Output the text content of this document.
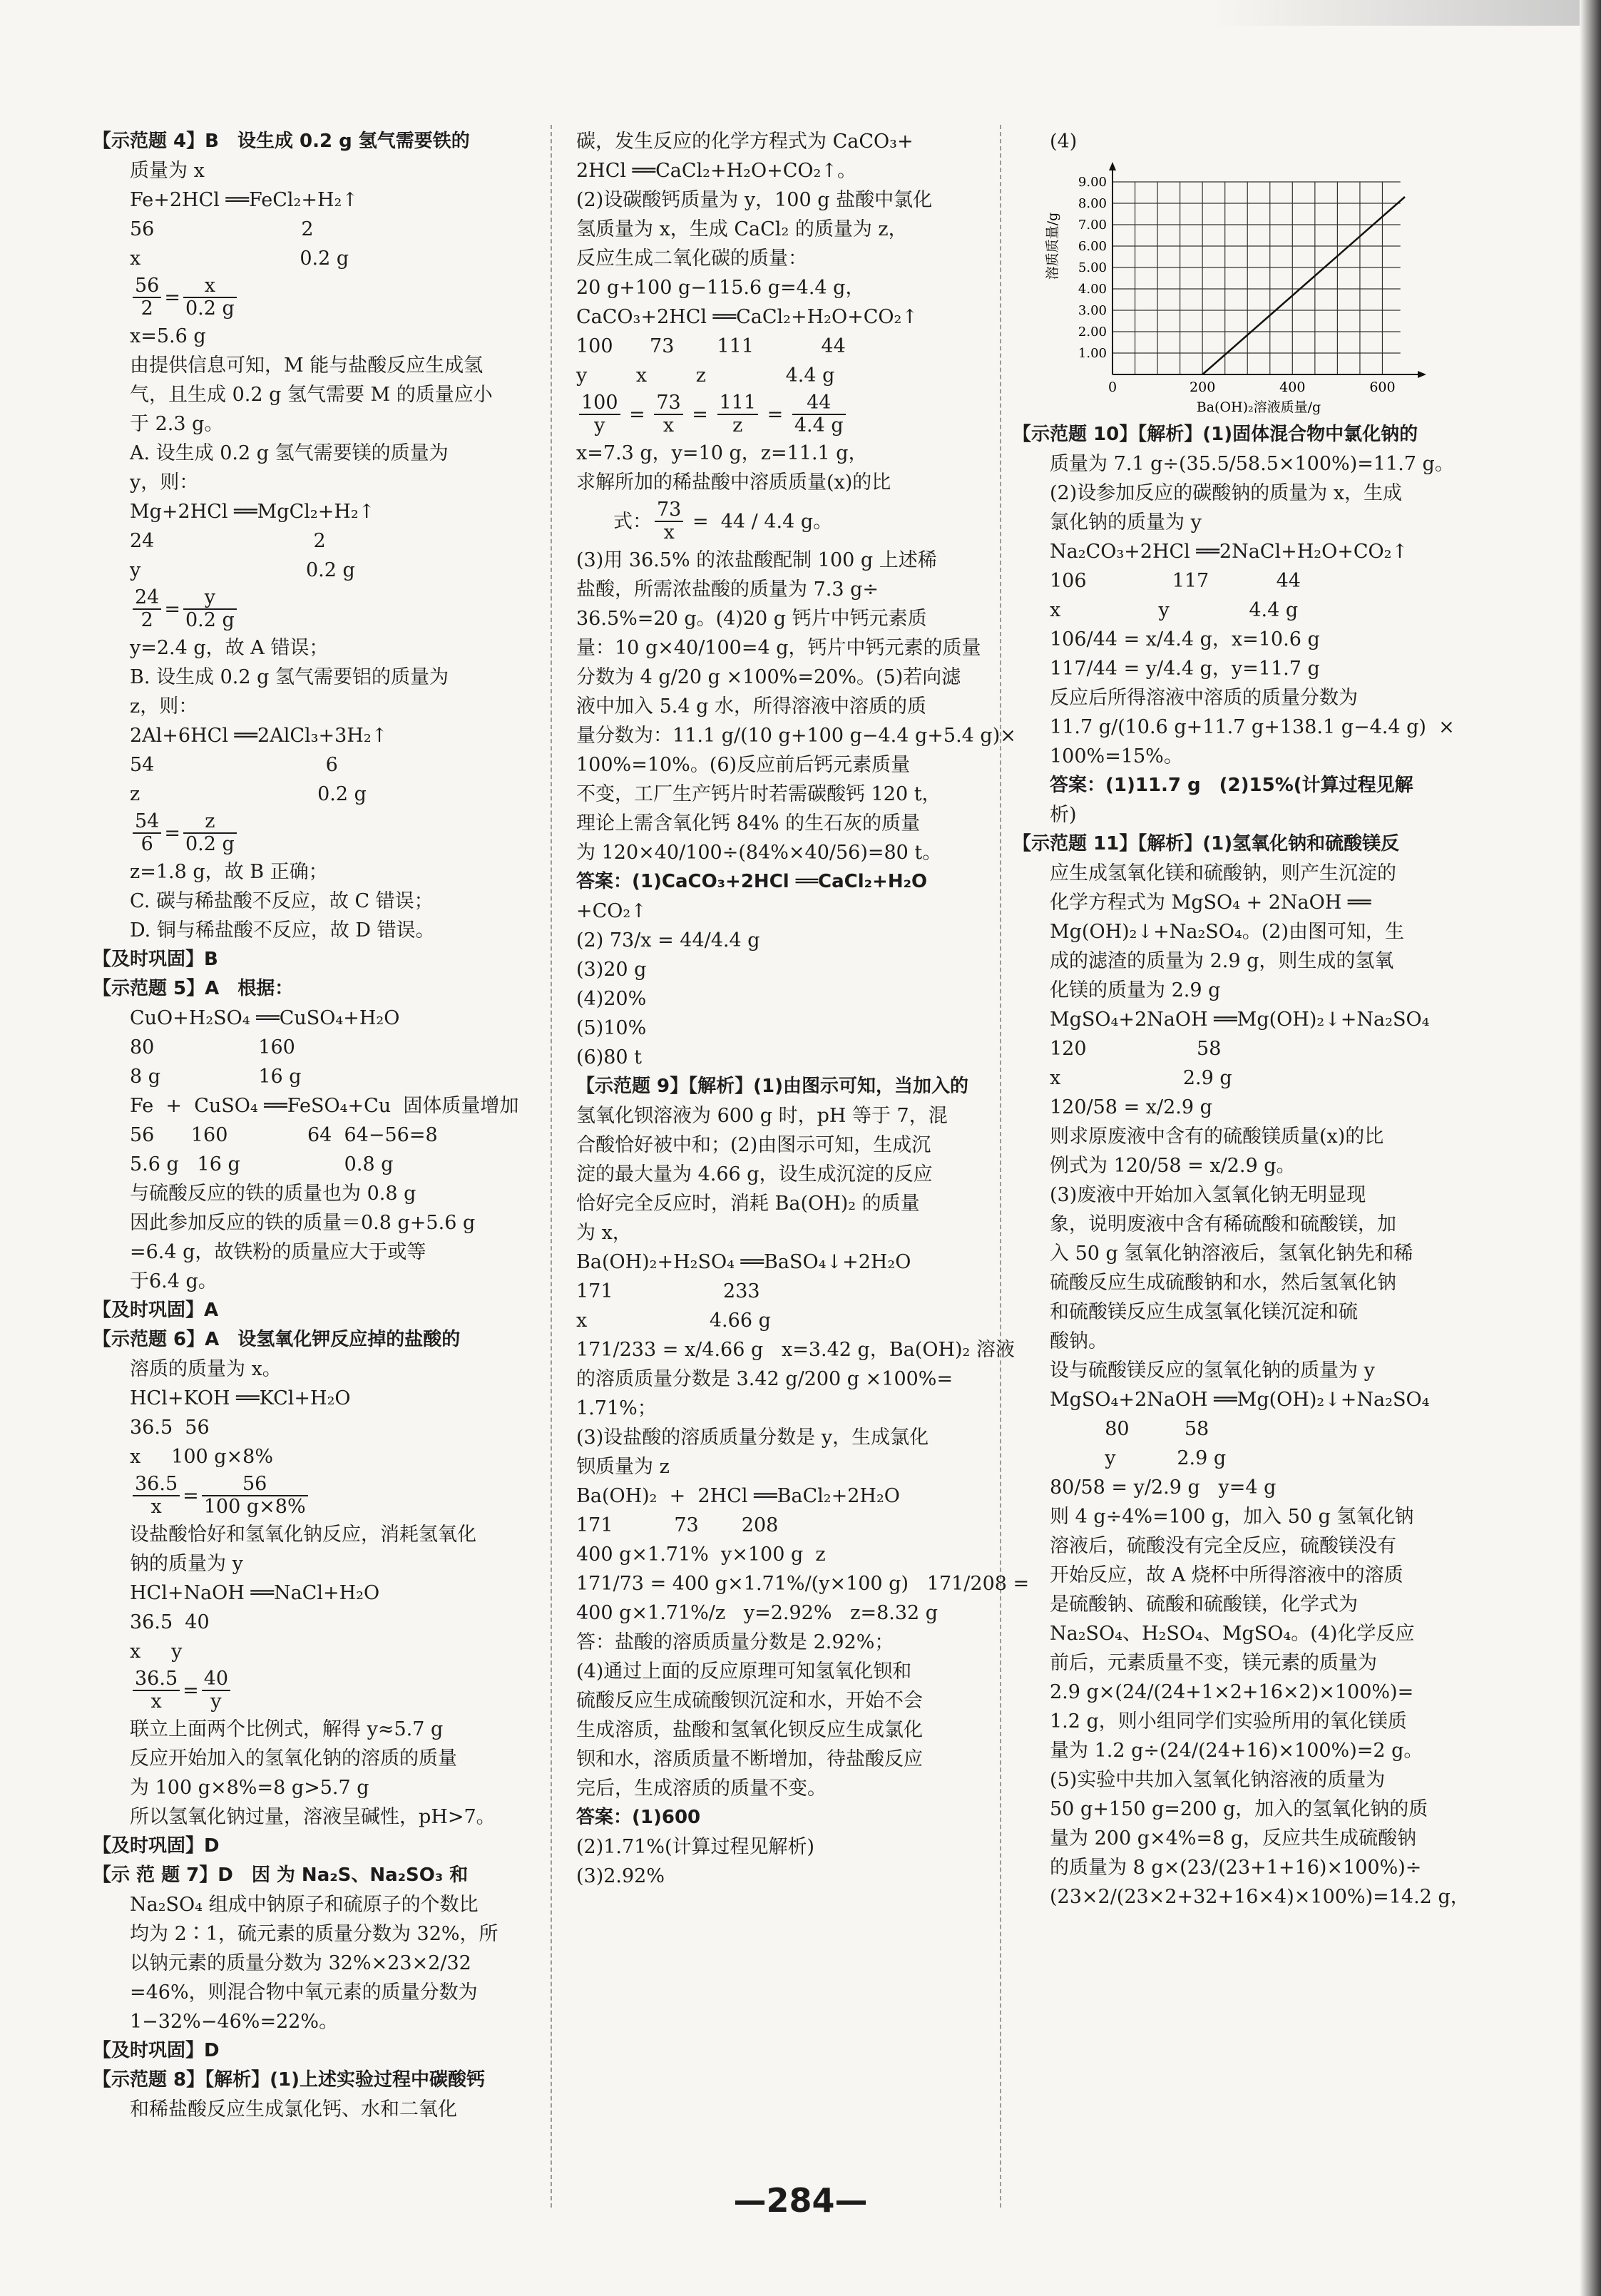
【示范题 4】B　设生成 0.2 g 氢气需要铁的
质量为 x
Fe+2HCl ══FeCl₂+H₂↑
56                        2
x                          0.2 g
$\frac{56}{2} = \frac{x}{0.2 g}$
x=5.6 g
由提供信息可知，M 能与盐酸反应生成氢
气，且生成 0.2 g 氢气需要 M 的质量应小
于 2.3 g。
A. 设生成 0.2 g 氢气需要镁的质量为
y，则：
Mg+2HCl ══MgCl₂+H₂↑
24                          2
y                           0.2 g
$\frac{24}{2} = \frac{y}{0.2 g}$
y=2.4 g，故 A 错误；
B. 设生成 0.2 g 氢气需要铝的质量为
z，则：
2Al+6HCl ══2AlCl₃+3H₂↑
54                            6
z                             0.2 g
$\frac{54}{6} = \frac{z}{0.2 g}$
z=1.8 g，故 B 正确；
C. 碳与稀盐酸不反应，故 C 错误；
D. 铜与稀盐酸不反应，故 D 错误。
【及时巩固】B
【示范题 5】A　根据：
CuO+H₂SO₄ ══CuSO₄+H₂O
80                 160
8 g                16 g
Fe  +  CuSO₄ ══FeSO₄+Cu  固体质量增加
56      160             64  64−56=8
5.6 g   16 g                 0.8 g
与硫酸反应的铁的质量也为 0.8 g
因此参加反应的铁的质量＝0.8 g+5.6 g
=6.4 g，故铁粉的质量应大于或等
于6.4 g。
【及时巩固】A
【示范题 6】A　设氢氧化钾反应掉的盐酸的
溶质的质量为 x。
HCl+KOH ══KCl+H₂O
36.5  56
x     100 g×8%
$\frac{36.5}{x} = \frac{56}{100 g\times 8\%}$
设盐酸恰好和氢氧化钠反应，消耗氢氧化
钠的质量为 y
HCl+NaOH ══NaCl+H₂O
36.5  40
x     y
$\frac{36.5}{x} = \frac{40}{y}$
联立上面两个比例式，解得 y≈5.7 g
反应开始加入的氢氧化钠的溶质的质量
为 100 g×8%=8 g>5.7 g
所以氢氧化钠过量，溶液呈碱性，pH>7。
【及时巩固】D
【示 范 题 7】D　因 为 Na₂S、Na₂SO₃ 和
Na₂SO₄ 组成中钠原子和硫原子的个数比
均为 2∶1，硫元素的质量分数为 32%，所
以钠元素的质量分数为 32%×23×2/32
=46%，则混合物中氧元素的质量分数为
1−32%−46%=22%。
【及时巩固】D
【示范题 8】【解析】(1)上述实验过程中碳酸钙
和稀盐酸反应生成氯化钙、水和二氧化
碳，发生反应的化学方程式为 CaCO₃+
2HCl ══CaCl₂+H₂O+CO₂↑。
(2)设碳酸钙质量为 y，100 g 盐酸中氯化
氢质量为 x，生成 CaCl₂ 的质量为 z，
反应生成二氧化碳的质量：
20 g+100 g−115.6 g=4.4 g，
CaCO₃+2HCl ══CaCl₂+H₂O+CO₂↑
100      73       111           44
y        x        z             4.4 g
$\frac{100}{y} = \frac{73}{x} = \frac{111}{z} = \frac{44}{4.4 g}$
x=7.3 g，y=10 g，z=11.1 g，
求解所加的稀盐酸中溶质质量(x)的比
式： $\frac{73}{x} = 44 / 4.4$ g。
(3)用 36.5% 的浓盐酸配制 100 g 上述稀
盐酸，所需浓盐酸的质量为 7.3 g÷
36.5%=20 g。(4)20 g 钙片中钙元素质
量：10 g×40/100=4 g，钙片中钙元素的质量
分数为 4 g/20 g ×100%=20%。(5)若向滤
液中加入 5.4 g 水，所得溶液中溶质的质
量分数为：11.1 g/(10 g+100 g−4.4 g+5.4 g)×
100%=10%。(6)反应前后钙元素质量
不变，工厂生产钙片时若需碳酸钙 120 t，
理论上需含氧化钙 84% 的生石灰的质量
为 120×40/100÷(84%×40/56)=80 t。
答案：(1)CaCO₃+2HCl ══CaCl₂+H₂O
+CO₂↑
(2) 73/x = 44/4.4 g
(3)20 g
(4)20%
(5)10%
(6)80 t
【示范题 9】【解析】(1)由图示可知，当加入的
氢氧化钡溶液为 600 g 时，pH 等于 7，混
合酸恰好被中和；(2)由图示可知，生成沉
淀的最大量为 4.66 g，设生成沉淀的反应
恰好完全反应时，消耗 Ba(OH)₂ 的质量
为 x，
Ba(OH)₂+H₂SO₄ ══BaSO₄↓+2H₂O
171                  233
x                    4.66 g
171/233 = x/4.66 g   x=3.42 g，Ba(OH)₂ 溶液
的溶质质量分数是 3.42 g/200 g ×100%=
1.71%；
(3)设盐酸的溶质质量分数是 y，生成氯化
钡质量为 z
Ba(OH)₂  +  2HCl ══BaCl₂+2H₂O
171          73       208
400 g×1.71%  y×100 g  z
171/73 = 400 g×1.71%/(y×100 g)   171/208 =
400 g×1.71%/z   y=2.92%   z=8.32 g
答：盐酸的溶质质量分数是 2.92%；
(4)通过上面的反应原理可知氢氧化钡和
硫酸反应生成硫酸钡沉淀和水，开始不会
生成溶质，盐酸和氢氧化钡反应生成氯化
钡和水，溶质质量不断增加，待盐酸反应
完后，生成溶质的质量不变。
答案：(1)600
(2)1.71%(计算过程见解析)
(3)2.92%
(4)
1.00
2.00
3.00
4.00
5.00
6.00
7.00
8.00
9.00
0	200	400	600
Ba(OH)₂溶液质量/g
溶质质量/g
【示范题 10】【解析】(1)固体混合物中氯化钠的
质量为 7.1 g÷(35.5/58.5×100%)=11.7 g。
(2)设参加反应的碳酸钠的质量为 x，生成
氯化钠的质量为 y
Na₂CO₃+2HCl ══2NaCl+H₂O+CO₂↑
106              117           44
x                y             4.4 g
106/44 = x/4.4 g，x=10.6 g
117/44 = y/4.4 g，y=11.7 g
反应后所得溶液中溶质的质量分数为
11.7 g/(10.6 g+11.7 g+138.1 g−4.4 g)  ×
100%=15%。
答案：(1)11.7 g　(2)15%(计算过程见解
析)
【示范题 11】【解析】(1)氢氧化钠和硫酸镁反
应生成氢氧化镁和硫酸钠，则产生沉淀的
化学方程式为 MgSO₄ + 2NaOH ══
Mg(OH)₂↓+Na₂SO₄。(2)由图可知，生
成的滤渣的质量为 2.9 g，则生成的氢氧
化镁的质量为 2.9 g
MgSO₄+2NaOH ══Mg(OH)₂↓+Na₂SO₄
120                  58
x                    2.9 g
120/58 = x/2.9 g
则求原废液中含有的硫酸镁质量(x)的比
例式为 120/58 = x/2.9 g。
(3)废液中开始加入氢氧化钠无明显现
象，说明废液中含有稀硫酸和硫酸镁，加
入 50 g 氢氧化钠溶液后，氢氧化钠先和稀
硫酸反应生成硫酸钠和水，然后氢氧化钠
和硫酸镁反应生成氢氧化镁沉淀和硫
酸钠。
设与硫酸镁反应的氢氧化钠的质量为 y
MgSO₄+2NaOH ══Mg(OH)₂↓+Na₂SO₄
80         58
y          2.9 g
80/58 = y/2.9 g   y=4 g
则 4 g÷4%=100 g，加入 50 g 氢氧化钠
溶液后，硫酸没有完全反应，硫酸镁没有
开始反应，故 A 烧杯中所得溶液中的溶质
是硫酸钠、硫酸和硫酸镁，化学式为
Na₂SO₄、H₂SO₄、MgSO₄。(4)化学反应
前后，元素质量不变，镁元素的质量为
2.9 g×(24/(24+1×2+16×2)×100%)=
1.2 g，则小组同学们实验所用的氧化镁质
量为 1.2 g÷(24/(24+16)×100%)=2 g。
(5)实验中共加入氢氧化钠溶液的质量为
50 g+150 g=200 g，加入的氢氧化钠的质
量为 200 g×4%=8 g，反应共生成硫酸钠
的质量为 8 g×(23/(23+1+16)×100%)÷
(23×2/(23×2+32+16×4)×100%)=14.2 g，
—284—
